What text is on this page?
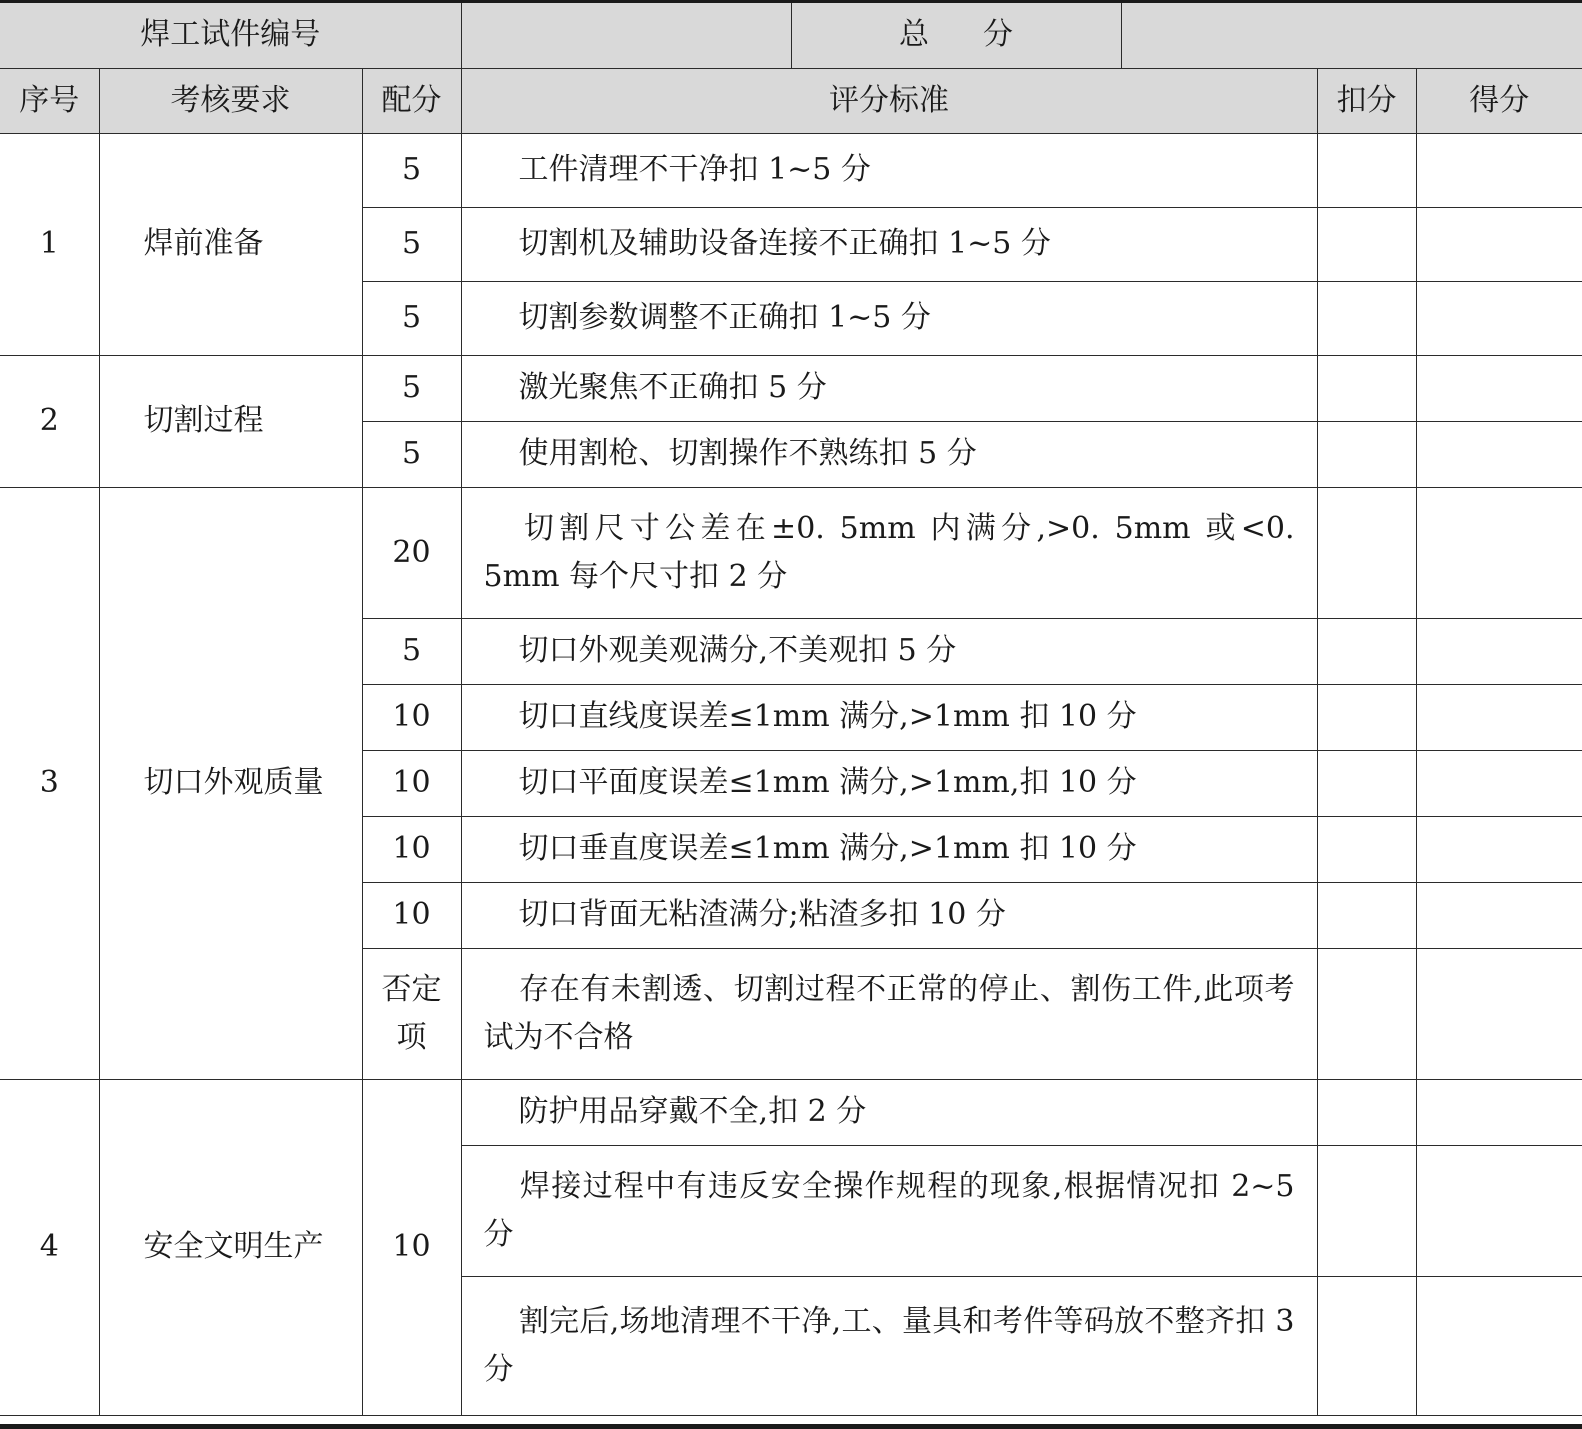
焊工试件编号				总 分			
序号	考核要求	配分	评分标准			扣分	得分
1	焊前准备	5	工件清理不干净扣 1~5 分				
		5	切割机及辅助设备连接不正确扣 1~5 分				
		5	切割参数调整不正确扣 1~5 分				
2	切割过程	5	激光聚焦不正确扣 5 分				
		5	使用割枪、切割操作不熟练扣 5 分				
3	切口外观质量	20	切割尺寸公差在±0. 5mm 内满分,>0. 5mm 或<0. 5mm 每个尺寸扣 2 分				
		5	切口外观美观满分,不美观扣 5 分				
		10	切口直线度误差≤1mm 满分,>1mm 扣 10 分				
		10	切口平面度误差≤1mm 满分,>1mm,扣 10 分				
		10	切口垂直度误差≤1mm 满分,>1mm 扣 10 分				
		10	切口背面无粘渣满分;粘渣多扣 10 分				
		否定项	存在有未割透、切割过程不正常的停止、割伤工件,此项考试为不合格				
4	安全文明生产	10	防护用品穿戴不全,扣 2 分				
			焊接过程中有违反安全操作规程的现象,根据情况扣 2~5 分				
			割完后,场地清理不干净,工、量具和考件等码放不整齐扣 3 分				
